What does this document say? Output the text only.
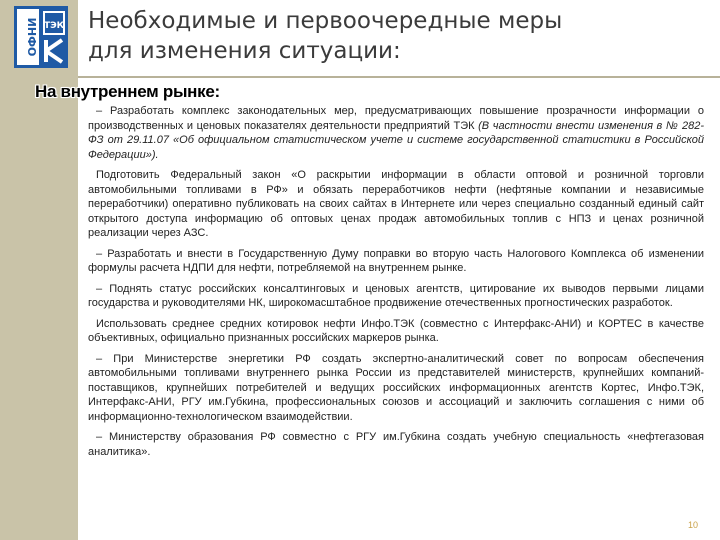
ИНФО ТЭК Необходимые и первоочередные меры
для изменения ситуации:
На внутреннем рынке:

– Разработать комплекс законодательных мер, предусматривающих повышение прозрачности информации о производственных и ценовых показателях деятельности предприятий ТЭК (В частности внести изменения в № 282-ФЗ от 29.11.07 «Об официальном статистическом учете и системе государственной статистики в Российской Федерации»).

Подготовить Федеральный закон «О раскрытии информации в области оптовой и розничной торговли автомобильными топливами в РФ» и обязать переработчиков нефти (нефтяные компании и независимые переработчики) оперативно публиковать на своих сайтах в Интернете или через специально созданный единый сайт открытого доступа информацию об оптовых ценах продаж автомобильных топлив с НПЗ и ценах розничной реализации через АЗС.

– Разработать и внести в Государственную Думу поправки во вторую часть Налогового Комплекса об изменении формулы расчета НДПИ для нефти, потребляемой на внутреннем рынке.

– Поднять статус российских консалтинговых и ценовых агентств, цитирование их выводов первыми лицами государства и руководителями НК, широкомасштабное продвижение отечественных прогностических разработок.

Использовать среднее средних котировок нефти Инфо.ТЭК (совместно с Интерфакс-АНИ) и КОРТЕС в качестве объективных, официально признанных российских маркеров рынка.

– При Министерстве энергетики РФ создать экспертно-аналитический совет по вопросам обеспечения автомобильными топливами внутреннего рынка России из представителей министерств, крупнейших компаний-поставщиков, крупнейших потребителей и ведущих российских информационных агентств Кортес, Инфо.ТЭК, Интерфакс-АНИ, РГУ им.Губкина, профессиональных союзов и ассоциаций и заключить соглашения с ними об информационно-технологическом взаимодействии.

– Министерству образования РФ совместно с РГУ им.Губкина создать учебную специальность «нефтегазовая аналитика».

10
